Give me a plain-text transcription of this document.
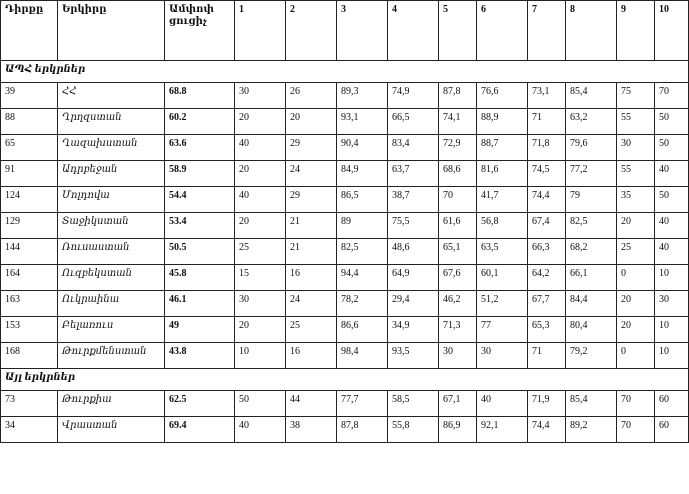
Դիրքը	Երկիրը	Ամփոփ ցուցիչ	1	2	3	4	5	6	7	8	9	10
ԱՊՀ երկրներ												
39	ՀՀ	68.8	30	26	89,3	74,9	87,8	76,6	73,1	85,4	75	70
88	Ղրղզստան	60.2	20	20	93,1	66,5	74,1	88,9	71	63,2	55	50
65	Ղազախստան	63.6	40	29	90,4	83,4	72,9	88,7	71,8	79,6	30	50
91	Ադրբեջան	58.9	20	24	84,9	63,7	68,6	81,6	74,5	77,2	55	40
124	Մոլդովա	54.4	40	29	86,5	38,7	70	41,7	74,4	79	35	50
129	Տաջիկստան	53.4	20	21	89	75,5	61,6	56,8	67,4	82,5	20	40
144	Ռուսաստան	50.5	25	21	82,5	48,6	65,1	63,5	66,3	68,2	25	40
164	Ուզբեկստան	45.8	15	16	94,4	64,9	67,6	60,1	64,2	66,1	0	10
163	Ուկրաինա	46.1	30	24	78,2	29,4	46,2	51,2	67,7	84,4	20	30
153	Բելառուս	49	20	25	86,6	34,9	71,3	77	65,3	80,4	20	10
168	Թուրքմենստան	43.8	10	16	98,4	93,5	30	30	71	79,2	0	10
Այլ երկրներ												
73	Թուրքիա	62.5	50	44	77,7	58,5	67,1	40	71,9	85,4	70	60
34	Վրաստան	69.4	40	38	87,8	55,8	86,9	92,1	74,4	89,2	70	60
